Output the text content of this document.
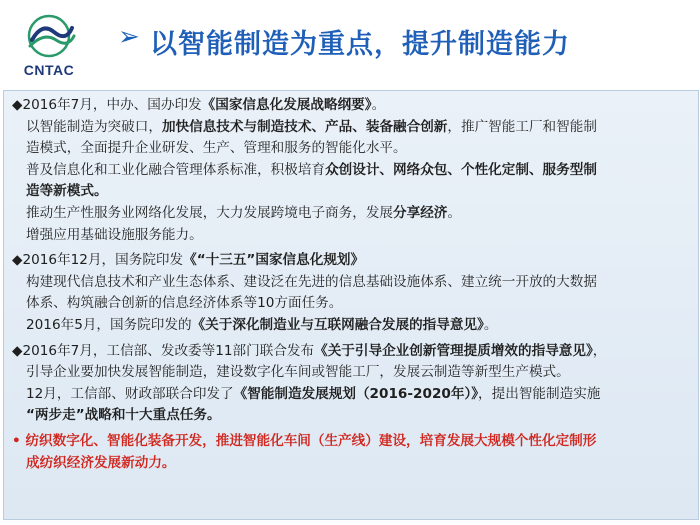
CNTAC
➢ 以智能制造为重点，提升制造能力
◆2016年7月，中办、国办印发《国家信息化发展战略纲要》。
以智能制造为突破口，加快信息技术与制造技术、产品、装备融合创新，推广智能工厂和智能制
造模式，全面提升企业研发、生产、管理和服务的智能化水平。
普及信息化和工业化融合管理体系标准，积极培育众创设计、网络众包、个性化定制、服务型制
造等新模式。
推动生产性服务业网络化发展，大力发展跨境电子商务，发展分享经济。
增强应用基础设施服务能力。
◆2016年12月，国务院印发《“十三五”国家信息化规划》
构建现代信息技术和产业生态体系、建设泛在先进的信息基础设施体系、建立统一开放的大数据
体系、构筑融合创新的信息经济体系等10方面任务。
2016年5月，国务院印发的《关于深化制造业与互联网融合发展的指导意见》。
◆2016年7月，工信部、发改委等11部门联合发布《关于引导企业创新管理提质增效的指导意见》，
引导企业要加快发展智能制造，建设数字化车间或智能工厂，发展云制造等新型生产模式。
12月，工信部、财政部联合印发了《智能制造发展规划（2016-2020年）》，提出智能制造实施
“两步走”战略和十大重点任务。
• 纺织数字化、智能化装备开发，推进智能化车间（生产线）建设，培育发展大规模个性化定制形
成纺织经济发展新动力。
